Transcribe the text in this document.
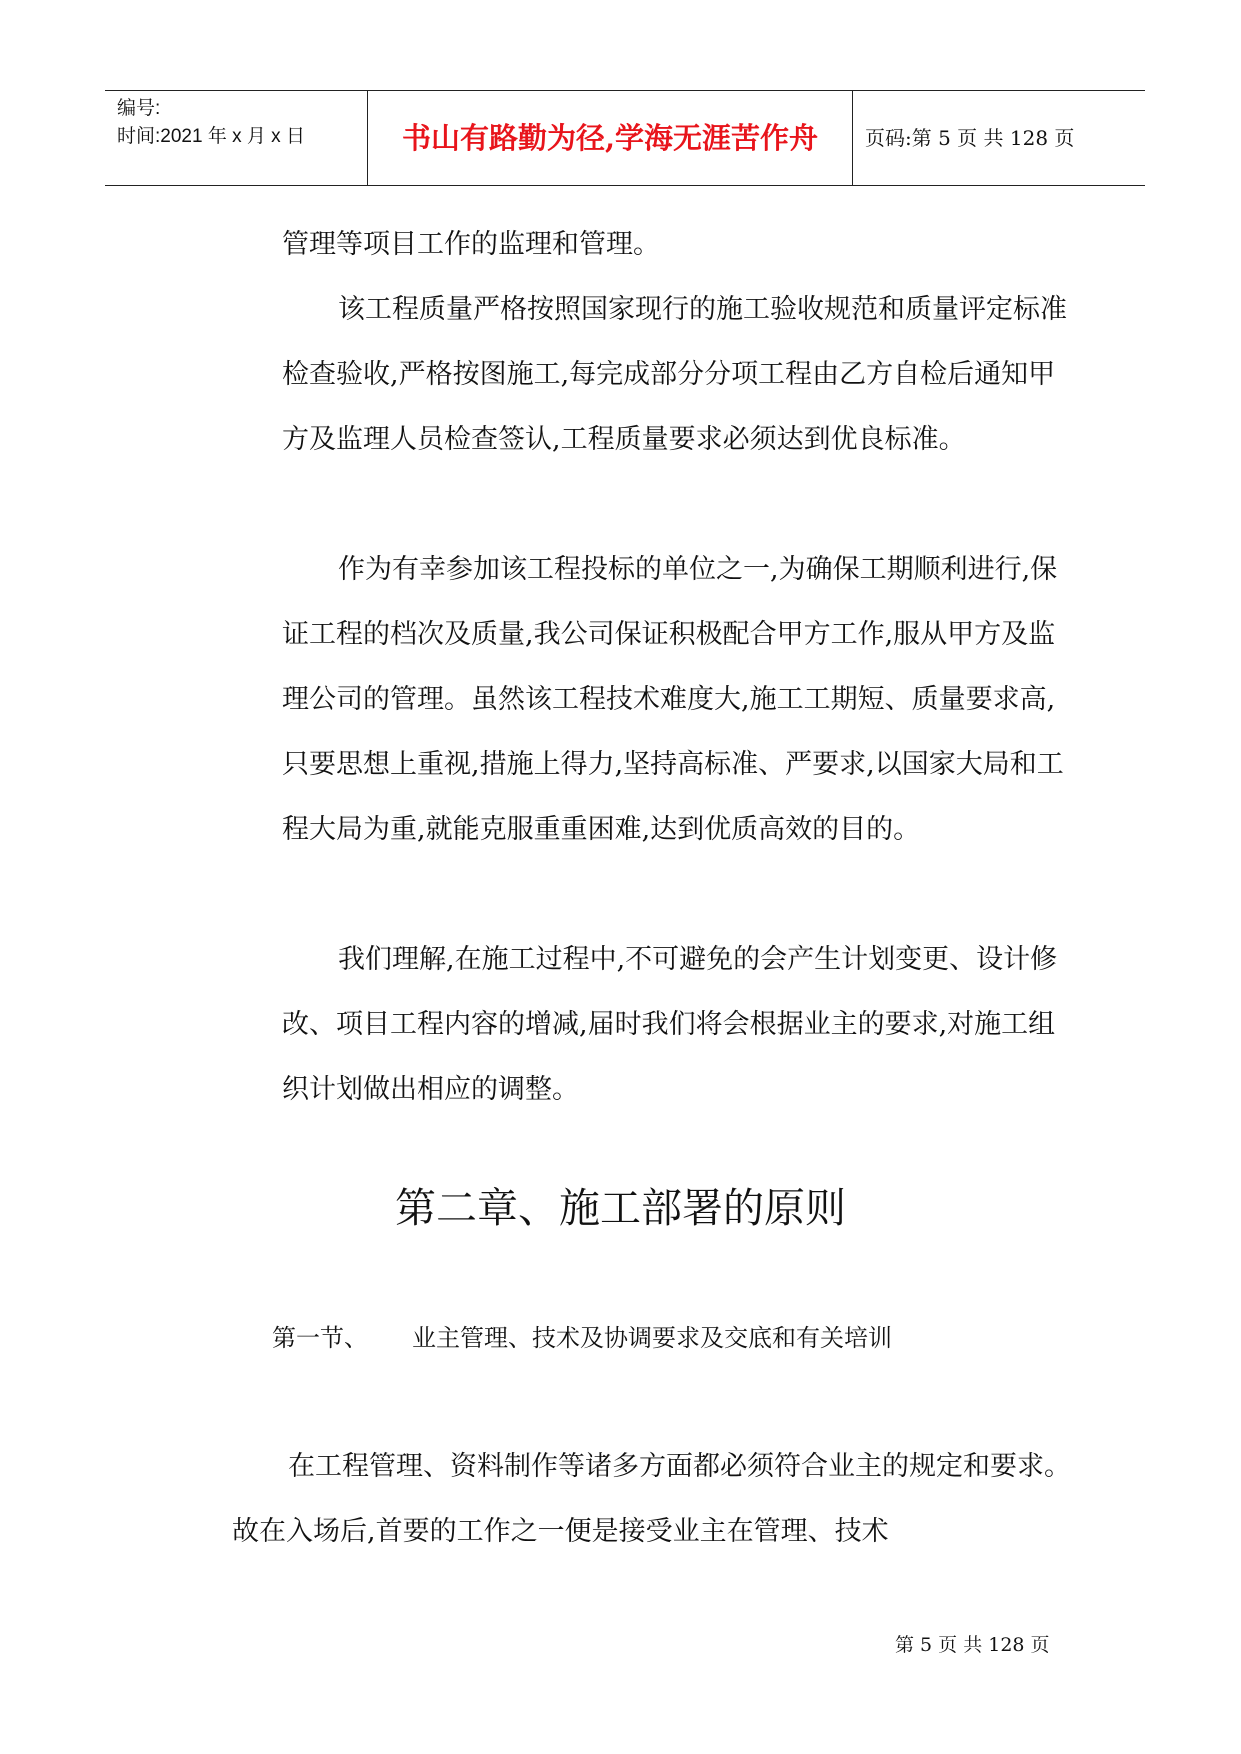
编号:
时间:2021 年 x 月 x 日	书山有路勤为径,学海无涯苦作舟	页码:第 5 页 共 128 页

管理等项目工作的监理和管理。

该工程质量严格按照国家现行的施工验收规范和质量评定标准检查验收,严格按图施工,每完成部分分项工程由乙方自检后通知甲方及监理人员检查签认,工程质量要求必须达到优良标准。

作为有幸参加该工程投标的单位之一,为确保工期顺利进行,保证工程的档次及质量,我公司保证积极配合甲方工作,服从甲方及监理公司的管理。虽然该工程技术难度大,施工工期短、质量要求高,只要思想上重视,措施上得力,坚持高标准、严要求,以国家大局和工程大局为重,就能克服重重困难,达到优质高效的目的。

我们理解,在施工过程中,不可避免的会产生计划变更、设计修改、项目工程内容的增减,届时我们将会根据业主的要求,对施工组织计划做出相应的调整。

第二章、施工部署的原则
第一节、 业主管理、技术及协调要求及交底和有关培训

在工程管理、资料制作等诸多方面都必须符合业主的规定和要求。故在入场后,首要的工作之一便是接受业主在管理、技术

第 5 页 共 128 页
